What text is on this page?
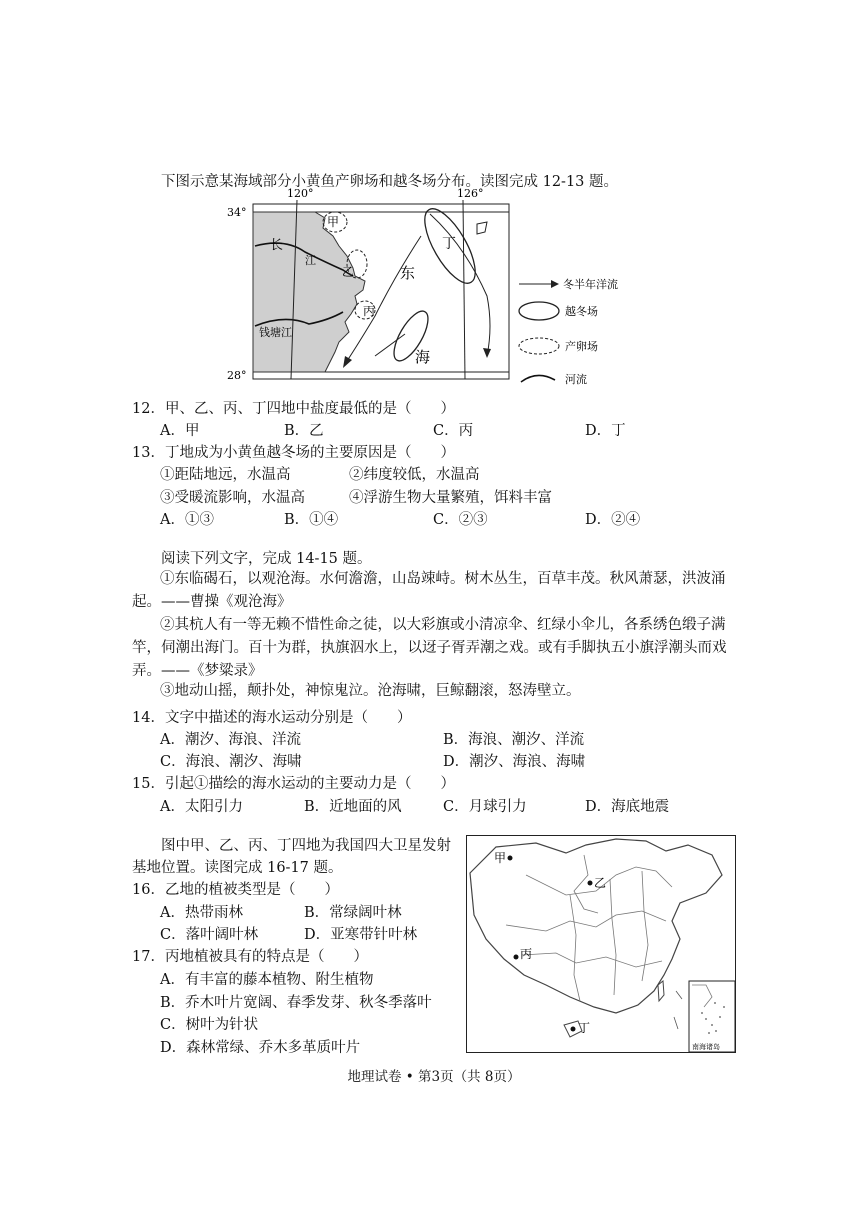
下图示意某海域部分小黄鱼产卵场和越冬场分布。读图完成 12-13 题。
120°	126°
34°
28°
甲
乙
丙
丁
长
江
钱塘江
东
海
冬半年洋流
越冬场
产卵场
河流
12．甲、乙、丙、丁四地中盐度最低的是（　　）
A．甲	B．乙	C．丙	D．丁
13．丁地成为小黄鱼越冬场的主要原因是（　　）
①距陆地远，水温高	②纬度较低，水温高
③受暖流影响，水温高	④浮游生物大量繁殖，饵料丰富
A．①③	B．①④	C．②③	D．②④
阅读下列文字，完成 14-15 题。
①东临碣石，以观沧海。水何澹澹，山岛竦峙。树木丛生，百草丰茂。秋风萧瑟，洪波涌起。——曹操《观沧海》
②其杭人有一等无赖不惜性命之徒，以大彩旗或小清凉伞、红绿小伞儿，各系绣色缎子满竿，伺潮出海门。百十为群，执旗泅水上，以迓子胥弄潮之戏。或有手脚执五小旗浮潮头而戏弄。——《梦粱录》
③地动山摇，颠扑处，神惊鬼泣。沧海啸，巨鲸翻滚，怒涛壁立。
14．文字中描述的海水运动分别是（　　）
A．潮汐、海浪、洋流	B．海浪、潮汐、洋流
C．海浪、潮汐、海啸	D．潮汐、海浪、海啸
15．引起①描绘的海水运动的主要动力是（　　）
A．太阳引力	B．近地面的风	C．月球引力	D．海底地震
图中甲、乙、丙、丁四地为我国四大卫星发射
基地位置。读图完成 16-17 题。
16．乙地的植被类型是（　　）
A．热带雨林	B．常绿阔叶林
C．落叶阔叶林	D．亚寒带针叶林
17．丙地植被具有的特点是（　　）
A．有丰富的藤本植物、附生植物
B．乔木叶片宽阔、春季发芽、秋冬季落叶
C．树叶为针状
D．森林常绿、乔木多革质叶片
甲
乙
丙
丁
南海诸岛
地理试卷 • 第3页（共 8页）
